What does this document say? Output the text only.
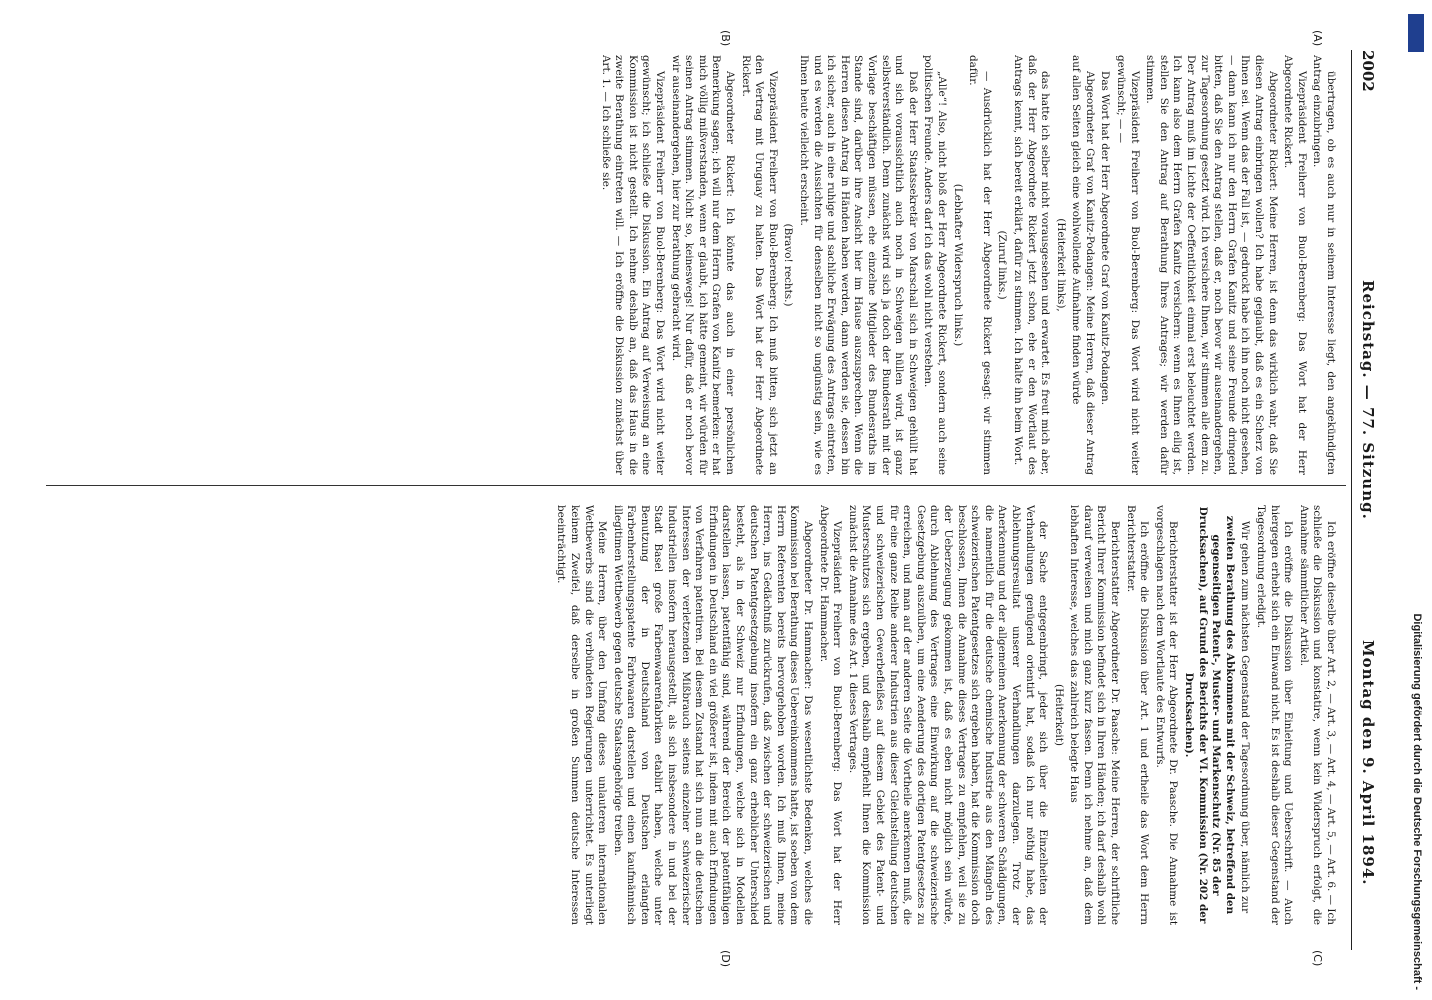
2002
Reichstag. — 77. Sitzung.
Montag den 9. April 1894.
(A)
(B)
(C)
(D)

übertragen, ob es auch nur in seinem Interesse liegt, den angekündigten Antrag einzubringen.

Vizepräsident Freiherr von Buol-Berenberg: Das Wort hat der Herr Abgeordnete Rickert.

Abgeordneter Rickert: Meine Herren, ist denn das wirklich wahr, daß Sie diesen Antrag einbringen wollen? Ich habe geglaubt, daß es ein Scherz von Ihnen sei. Wenn das der Fall ist, — gedruckt habe ich ihn noch nicht gesehen, — dann kann ich nur den Herrn Grafen Kanitz und seine Freunde dringend bitten, daß Sie den Antrag stellen, daß er, noch bevor wir auseinandergehen, zur Tagesordnung gesetzt wird. Ich versichere Ihnen, wir stimmen alle dem zu. Der Antrag muß im Lichte der Oeffentlichkeit einmal erst beleuchtet werden. Ich kann also dem Herrn Grafen Kanitz versichern: wenn es Ihnen eilig ist, stellen Sie den Antrag auf Berathung Ihres Antrages; wir werden dafür stimmen.

Vizepräsident Freiherr von Buol-Berenberg: Das Wort wird nicht weiter gewünscht; — —

Das Wort hat der Herr Abgeordnete Graf von Kanitz-Podangen.

Abgeordneter Graf von Kanitz-Podangen: Meine Herren, daß dieser Antrag auf allen Seiten gleich eine wohlwollende Aufnahme finden würde

(Heiterkeit links),

das hatte ich selber nicht vorausgesehen und erwartet. Es freut mich aber, daß der Herr Abgeordnete Rickert jetzt schon, ehe er den Wortlaut des Antrags kennt, sich bereit erklärt, dafür zu stimmen. Ich halte ihn beim Wort.

(Zuruf links.)

— Ausdrücklich hat der Herr Abgeordnete Rickert gesagt: wir stimmen dafür.

(Lebhafter Widerspruch links.)

„Alle“! Also, nicht bloß der Herr Abgeordnete Rickert, sondern auch seine politischen Freunde. Anders darf ich das wohl nicht verstehen.

Daß der Herr Staatssekretär von Marschall sich in Schweigen gehüllt hat und sich voraussichtlich auch noch in Schweigen hüllen wird, ist ganz selbstverständlich. Denn zunächst wird sich ja doch der Bundesrath mit der Vorlage beschäftigen müssen, ehe einzelne Mitglieder des Bundesraths im Stande sind, darüber ihre Ansicht hier im Hause auszusprechen. Wenn die Herren diesen Antrag in Händen haben werden, dann werden sie, dessen bin ich sicher, auch in eine ruhige und sachliche Erwägung des Antrags eintreten, und es werden die Aussichten für denselben nicht so ungünstig sein, wie es Ihnen heute vielleicht erscheint.

(Bravo! rechts.)

Vizepräsident Freiherr von Buol-Berenberg: Ich muß bitten, sich jetzt an den Vertrag mit Uruguay zu halten. Das Wort hat der Herr Abgeordnete Rickert.

Abgeordneter Rickert: Ich könnte das auch in einer persönlichen Bemerkung sagen; ich will nur dem Herrn Grafen von Kanitz bemerken: er hat mich völlig mißverstanden, wenn er glaubt, ich hätte gemeint, wir würden für seinen Antrag stimmen. Nicht so, keineswegs! Nur dafür, daß er noch bevor wir auseinandergehen, hier zur Berathung gebracht wird.

Vizepräsident Freiherr von Buol-Berenberg: Das Wort wird nicht weiter gewünscht; ich schließe die Diskussion. Ein Antrag auf Verweisung an eine Kommission ist nicht gestellt. Ich nehme deshalb an, daß das Haus in die zweite Berathung eintreten will. — Ich eröffne die Diskussion zunächst über Art. 1. — Ich schließe sie.

Ich eröffne dieselbe über Art. 2, — Art. 3, — Art. 4, — Art. 5, — Art. 6. — Ich schließe die Diskussion und konstatire, wenn kein Widerspruch erfolgt, die Annahme sämmtlicher Artikel.

Ich eröffne die Diskussion über Einleitung und Ueberschrift. — Auch hiergegen erhebt sich ein Einwand nicht. Es ist deshalb dieser Gegenstand der Tagesordnung erledigt.

Wir gehen zum nächsten Gegenstand der Tagesordnung über, nämlich zur

zweiten Berathung des Abkommens mit der Schweiz, betreffend den gegenseitigen Patent-, Muster- und Markenschutz (Nr. 85 der Drucksachen), auf Grund des Berichts der VI. Kommission (Nr. 202 der Drucksachen).

Berichterstatter ist der Herr Abgeordnete Dr. Paasche. Die Annahme ist vorgeschlagen nach dem Wortlaute des Entwurfs.

Ich eröffne die Diskussion über Art. 1 und ertheile das Wort dem Herrn Berichterstatter.

Berichterstatter Abgeordneter Dr. Paasche: Meine Herren, der schriftliche Bericht Ihrer Kommission befindet sich in Ihren Händen; ich darf deshalb wohl darauf verweisen und mich ganz kurz fassen. Denn ich nehme an, daß dem lebhaften Interesse, welches das zahlreich belegte Haus

(Heiterkeit)

der Sache entgegenbringt, jeder sich über die Einzelheiten der Verhandlungen genügend orientirt hat, sodaß ich nur nöthig habe, das Ablehnungsresultat unserer Verhandlungen darzulegen. Trotz der Anerkennung und der allgemeinen Anerkennung der schweren Schädigungen, die namentlich für die deutsche chemische Industrie aus den Mängeln des schweizerischen Patentgesetzes sich ergeben haben, hat die Kommission doch beschlossen, Ihnen die Annahme dieses Vertrages zu empfehlen, weil sie zu der Ueberzeugung gekommen ist, daß es eben nicht möglich sein würde, durch Ablehnung des Vertrages eine Einwirkung auf die schweizerische Gesetzgebung auszuüben, um eine Aenderung des dortigen Patentgesetzes zu erreichen, und man auf der anderen Seite die Vortheile anerkennen muß, die für eine ganze Reihe anderer Industrien aus dieser Gleichstellung deutschen und schweizerischen Gewerbefleißes auf diesem Gebiet des Patent- und Musterschutzes sich ergeben, und deshalb empfiehlt Ihnen die Kommission zunächst die Annahme des Art. 1 dieses Vertrages.

Vizepräsident Freiherr von Buol-Berenberg: Das Wort hat der Herr Abgeordnete Dr. Hammacher.

Abgeordneter Dr. Hammacher: Das wesentlichste Bedenken, welches die Kommission bei Berathung dieses Uebereinkommens hatte, ist soeben von dem Herrn Referenten bereits hervorgehoben worden. Ich muß Ihnen, meine Herren, ins Gedächtniß zurückrufen, daß zwischen der schweizerischen und deutschen Patentgesetzgebung insofern ein ganz erheblicher Unterschied besteht, als in der Schweiz nur Erfindungen, welche sich in Modellen darstellen lassen, patentfähig sind, während der Bereich der patentfähigen Erfindungen in Deutschland ein viel größerer ist, indem mit auch Erfindungen von Verfahren patentiren. Bei diesem Zustand hat sich nun an die deutschen Interessen der verletzenden Mißbrauch seitens einzelner schweizerischer Industriellen insofern herausgestellt, als sich insbesondere in und bei der Stadt Basel große Farbenwaarenfabriken etablirt haben, welche unter Benutzung der in Deutschland von Deutschen erlangten Farbenherstellungspatente Farbwaaren darstellen und einen kaufmännisch illegitimen Wettbewerb gegen deutsche Staatsangehörige treiben.

Meine Herren, über den Umfang dieses unlauteren internationalen Wettbewerbs sind die verbündeten Regierungen unterrichtet. Es unterliegt keinem Zweifel, daß derselbe in großen Summen deutsche Interessen beeinträchtigt.

Digitalisierung gefördert durch die Deutsche Forschungsgemeinschaft -
